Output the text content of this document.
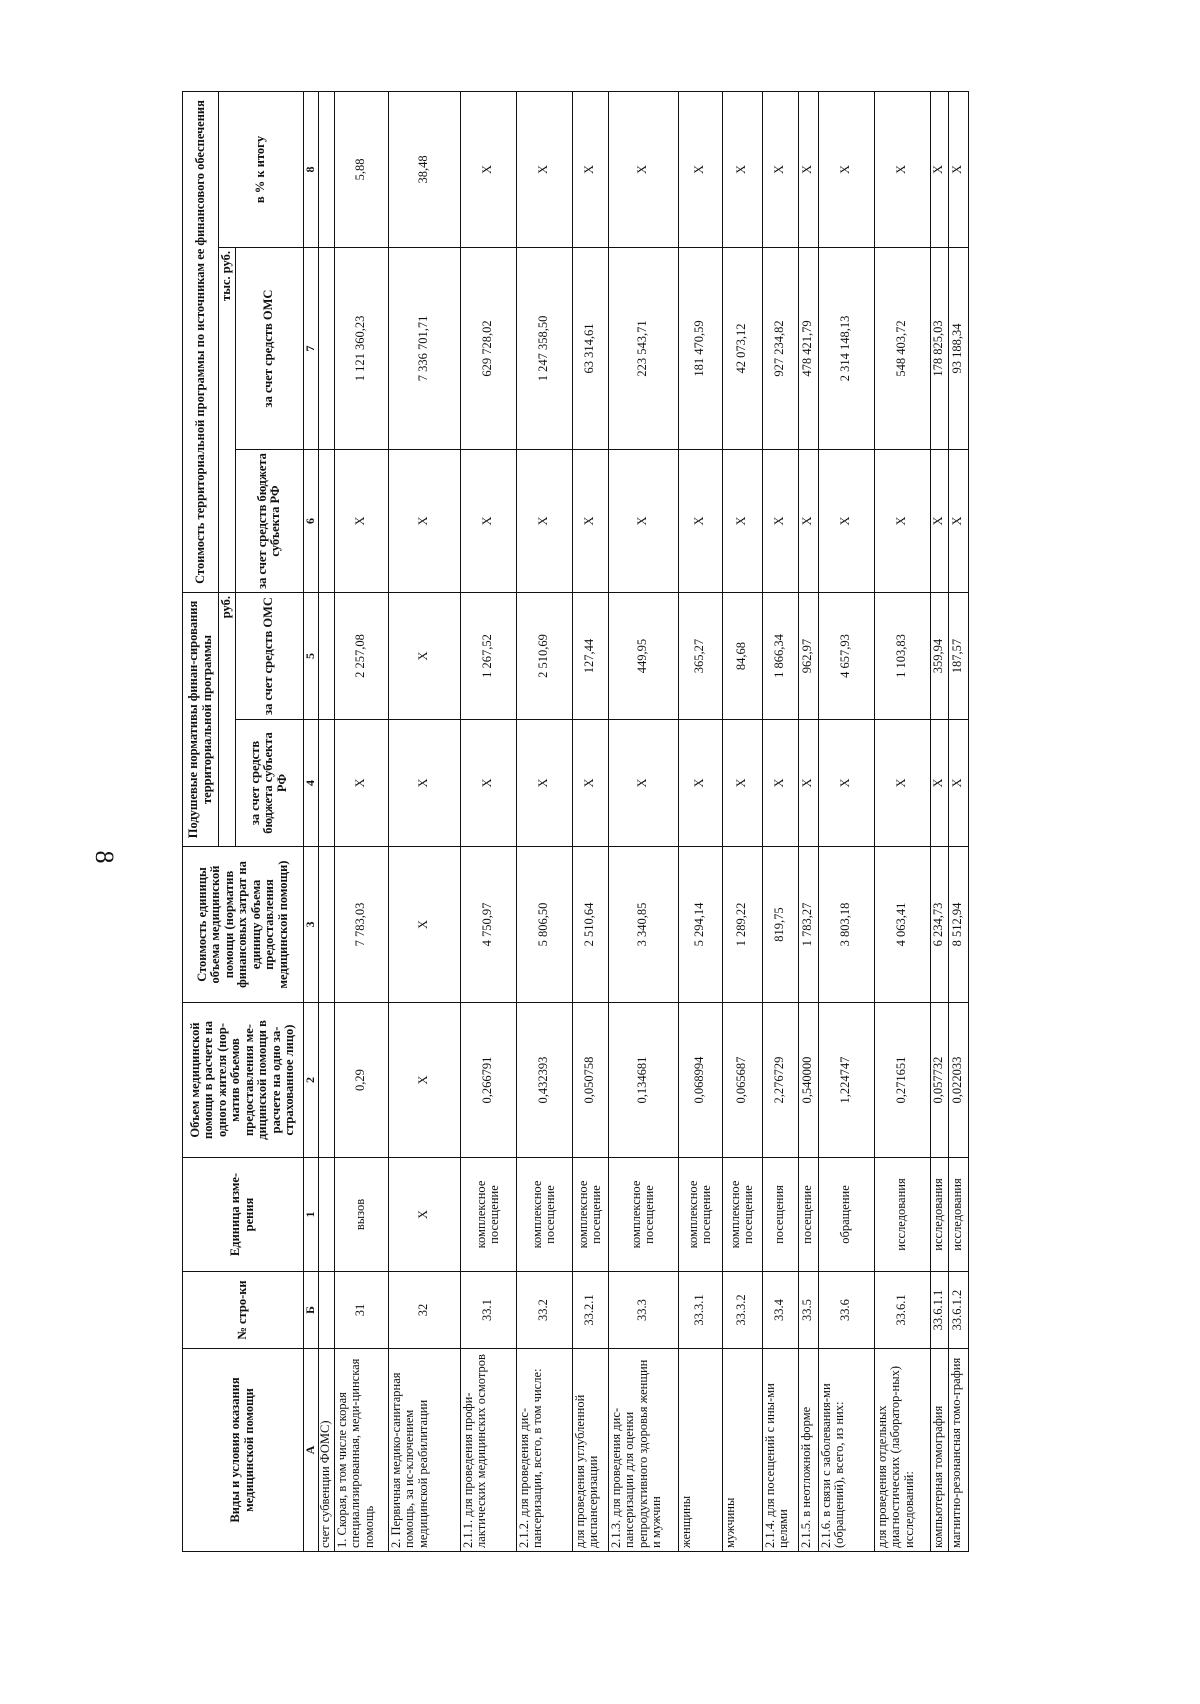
8
Виды и условия оказания медицинской помощи	№ стро-ки	Единица изме-рения	Объем медицинской помощи в расчете на одного жителя (нор-матив объемов предоставления ме-дицинской помощи в расчете на одно за-страхованное лицо)	Стоимость единицы объема медицинской помощи (норматив финансовых затрат на единицу объема предоставления медицинской помощи)	Подушевые нормативы финан-сирования территориальной программы		Стоимость территориальной программы по источникам ее финансового обеспечения		
					руб.		тыс. руб.		в % к итогу
					за счет средств бюджета субъекта РФ	за счет средств ОМС	за счет средств бюджета субъекта РФ	за счет средств ОМС	
А	Б	1	2	3	4	5	6	7	8
счет субвенции ФОМС)									
1. Скорая, в том числе скорая специализированная, меди-цинская помощь	31	вызов	0,29	7 783,03	Х	2 257,08	Х	1 121 360,23	5,88
2. Первичная медико-санитарная помощь, за ис-ключением медицинской реабилитации	32	Х	Х	Х	Х	Х	Х	7 336 701,71	38,48
2.1.1. для проведения профи-лактических медицинских осмотров	33.1	комплексное посещение	0,266791	4 750,97	Х	1 267,52	Х	629 728,02	Х
2.1.2. для проведения дис-пансеризации, всего, в том числе:	33.2	комплексное посещение	0,432393	5 806,50	Х	2 510,69	Х	1 247 358,50	Х
для проведения углубленной диспансеризации	33.2.1	комплексное посещение	0,050758	2 510,64	Х	127,44	Х	63 314,61	Х
2.1.3. для проведения дис-пансеризации для оценки репродуктивного здоровья женщин и мужчин	33.3	комплексное посещение	0,134681	3 340,85	Х	449,95	Х	223 543,71	Х
женщины	33.3.1	комплексное посещение	0,068994	5 294,14	Х	365,27	Х	181 470,59	Х
мужчины	33.3.2	комплексное посещение	0,065687	1 289,22	Х	84,68	Х	42 073,12	Х
2.1.4. для посещений с ины-ми целями	33.4	посещения	2,276729	819,75	Х	1 866,34	Х	927 234,82	Х
2.1.5. в неотложной форме	33.5	посещение	0,540000	1 783,27	Х	962,97	Х	478 421,79	Х
2.1.6. в связи с заболевания-ми (обращений), всего, из них:	33.6	обращение	1,224747	3 803,18	Х	4 657,93	Х	2 314 148,13	Х
для проведения отдельных диагностических (лаборатор-ных) исследований:	33.6.1	исследования	0,271651	4 063,41	Х	1 103,83	Х	548 403,72	Х
компьютерная томография	33.6.1.1	исследования	0,057732	6 234,73	Х	359,94	Х	178 825,03	Х
магнитно-резонансная томо-графия	33.6.1.2	исследования	0,022033	8 512,94	Х	187,57	Х	93 188,34	Х
